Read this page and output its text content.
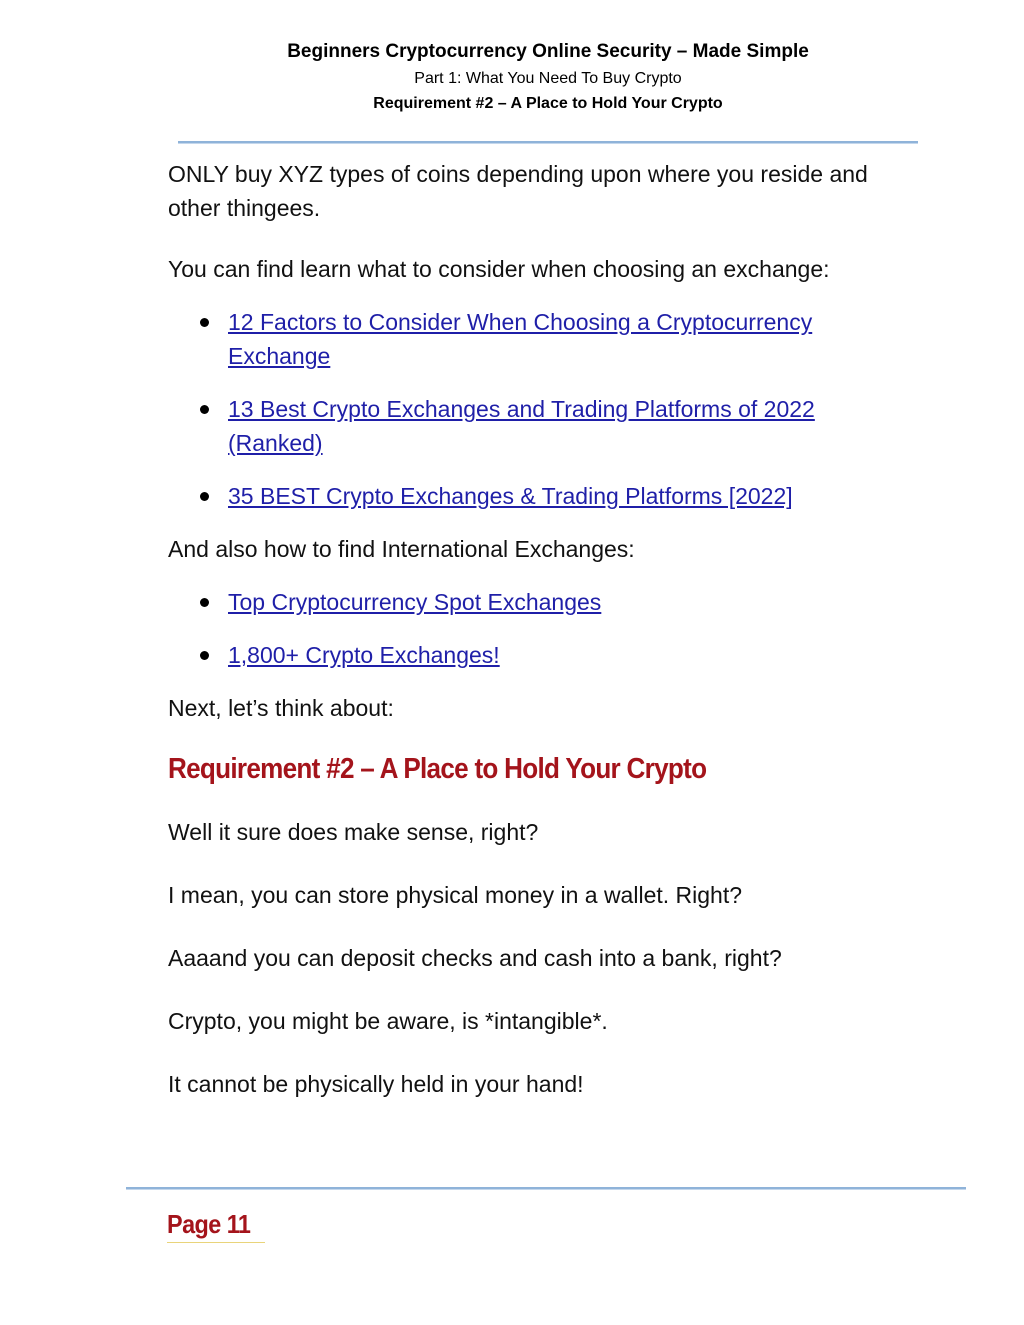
Beginners Cryptocurrency Online Security – Made Simple
Part 1: What You Need To Buy Crypto
Requirement #2 – A Place to Hold Your Crypto

ONLY buy XYZ types of coins depending upon where you reside and other thingees.

You can find learn what to consider when choosing an exchange:

12 Factors to Consider When Choosing a Cryptocurrency Exchange
13 Best Crypto Exchanges and Trading Platforms of 2022 (Ranked)
35 BEST Crypto Exchanges & Trading Platforms [2022]

And also how to find International Exchanges:

Top Cryptocurrency Spot Exchanges
1,800+ Crypto Exchanges!

Next, let’s think about:

Requirement #2 – A Place to Hold Your Crypto

Well it sure does make sense, right?

I mean, you can store physical money in a wallet. Right?

Aaaand you can deposit checks and cash into a bank, right?

Crypto, you might be aware, is *intangible*.

It cannot be physically held in your hand!

Page 11
